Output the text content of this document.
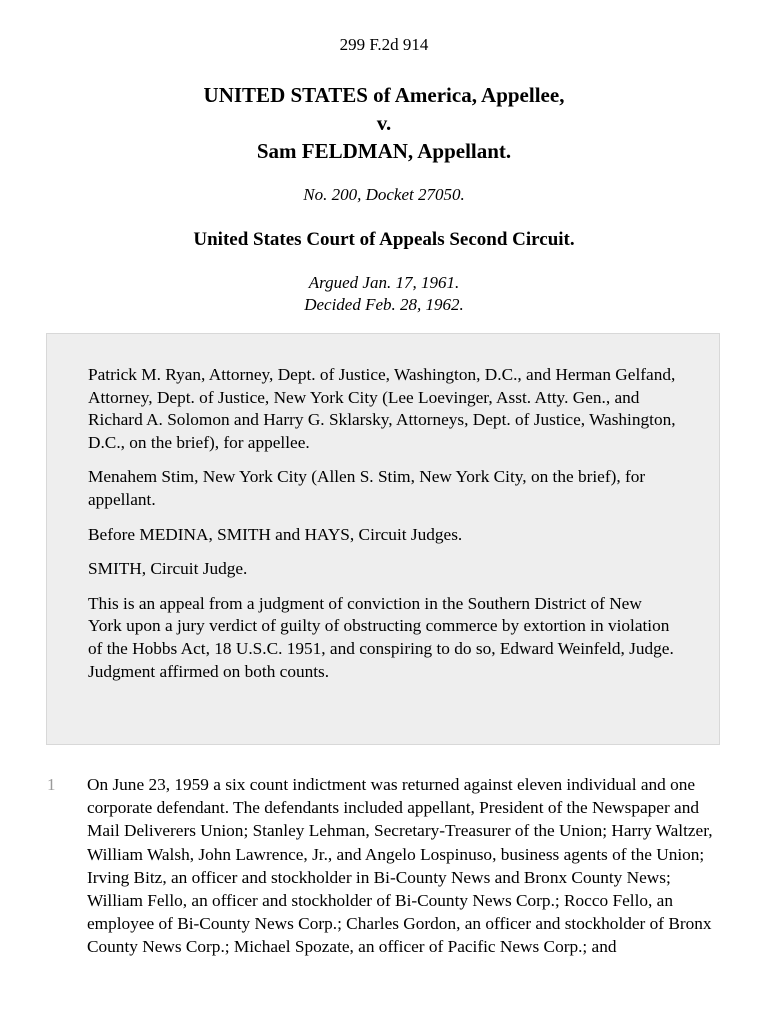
299 F.2d 914
UNITED STATES of America, Appellee,
v.
Sam FELDMAN, Appellant.
No. 200, Docket 27050.
United States Court of Appeals Second Circuit.
Argued Jan. 17, 1961.
Decided Feb. 28, 1962.

Patrick M. Ryan, Attorney, Dept. of Justice, Washington, D.C., and Herman Gelfand, Attorney, Dept. of Justice, New York City (Lee Loevinger, Asst. Atty. Gen., and Richard A. Solomon and Harry G. Sklarsky, Attorneys, Dept. of Justice, Washington, D.C., on the brief), for appellee.

Menahem Stim, New York City (Allen S. Stim, New York City, on the brief), for appellant.

Before MEDINA, SMITH and HAYS, Circuit Judges.

SMITH, Circuit Judge.

This is an appeal from a judgment of conviction in the Southern District of New York upon a jury verdict of guilty of obstructing commerce by extortion in violation of the Hobbs Act, 18 U.S.C. 1951, and conspiring to do so, Edward Weinfeld, Judge. Judgment affirmed on both counts.

1 On June 23, 1959 a six count indictment was returned against eleven individual and one corporate defendant. The defendants included appellant, President of the Newspaper and Mail Deliverers Union; Stanley Lehman, Secretary-Treasurer of the Union; Harry Waltzer, William Walsh, John Lawrence, Jr., and Angelo Lospinuso, business agents of the Union; Irving Bitz, an officer and stockholder in Bi-County News and Bronx County News; William Fello, an officer and stockholder of Bi-County News Corp.; Rocco Fello, an employee of Bi-County News Corp.; Charles Gordon, an officer and stockholder of Bronx County News Corp.; Michael Spozate, an officer of Pacific News Corp.; and
